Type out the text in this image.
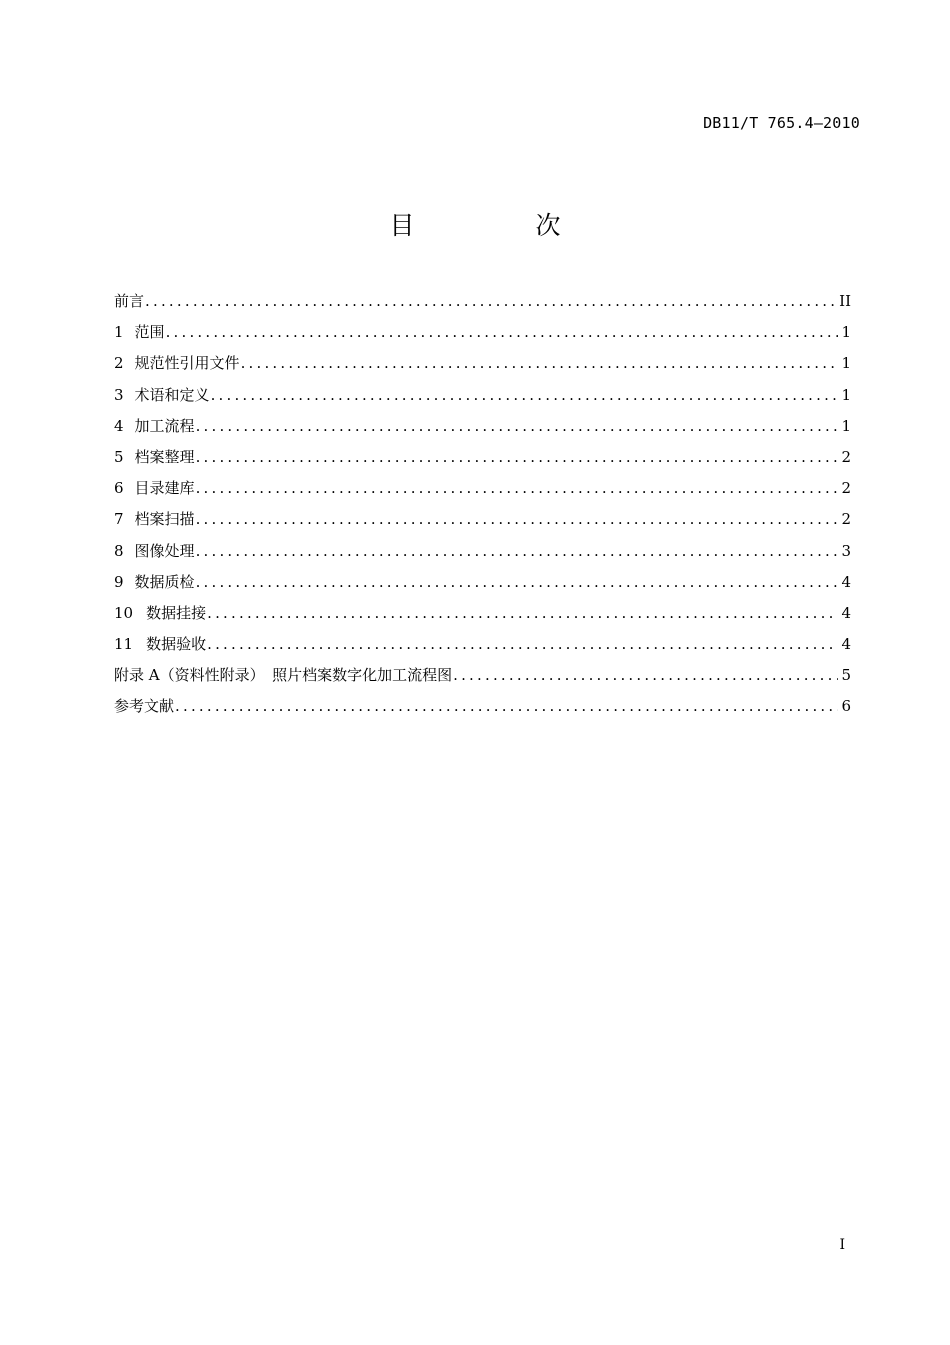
DB11/T 765.4—2010
目　次
前言 .....	II
1 范围 .....	1
2 规范性引用文件 .....	1
3 术语和定义 .....	1
4 加工流程 .....	1
5 档案整理 .....	2
6 目录建库 .....	2
7 档案扫描 .....	2
8 图像处理 .....	3
9 数据质检 .....	4
10 数据挂接 .....	4
11 数据验收 .....	4
附录 A（资料性附录）　照片档案数字化加工流程图 .....	5
参考文献 .....	6
I
